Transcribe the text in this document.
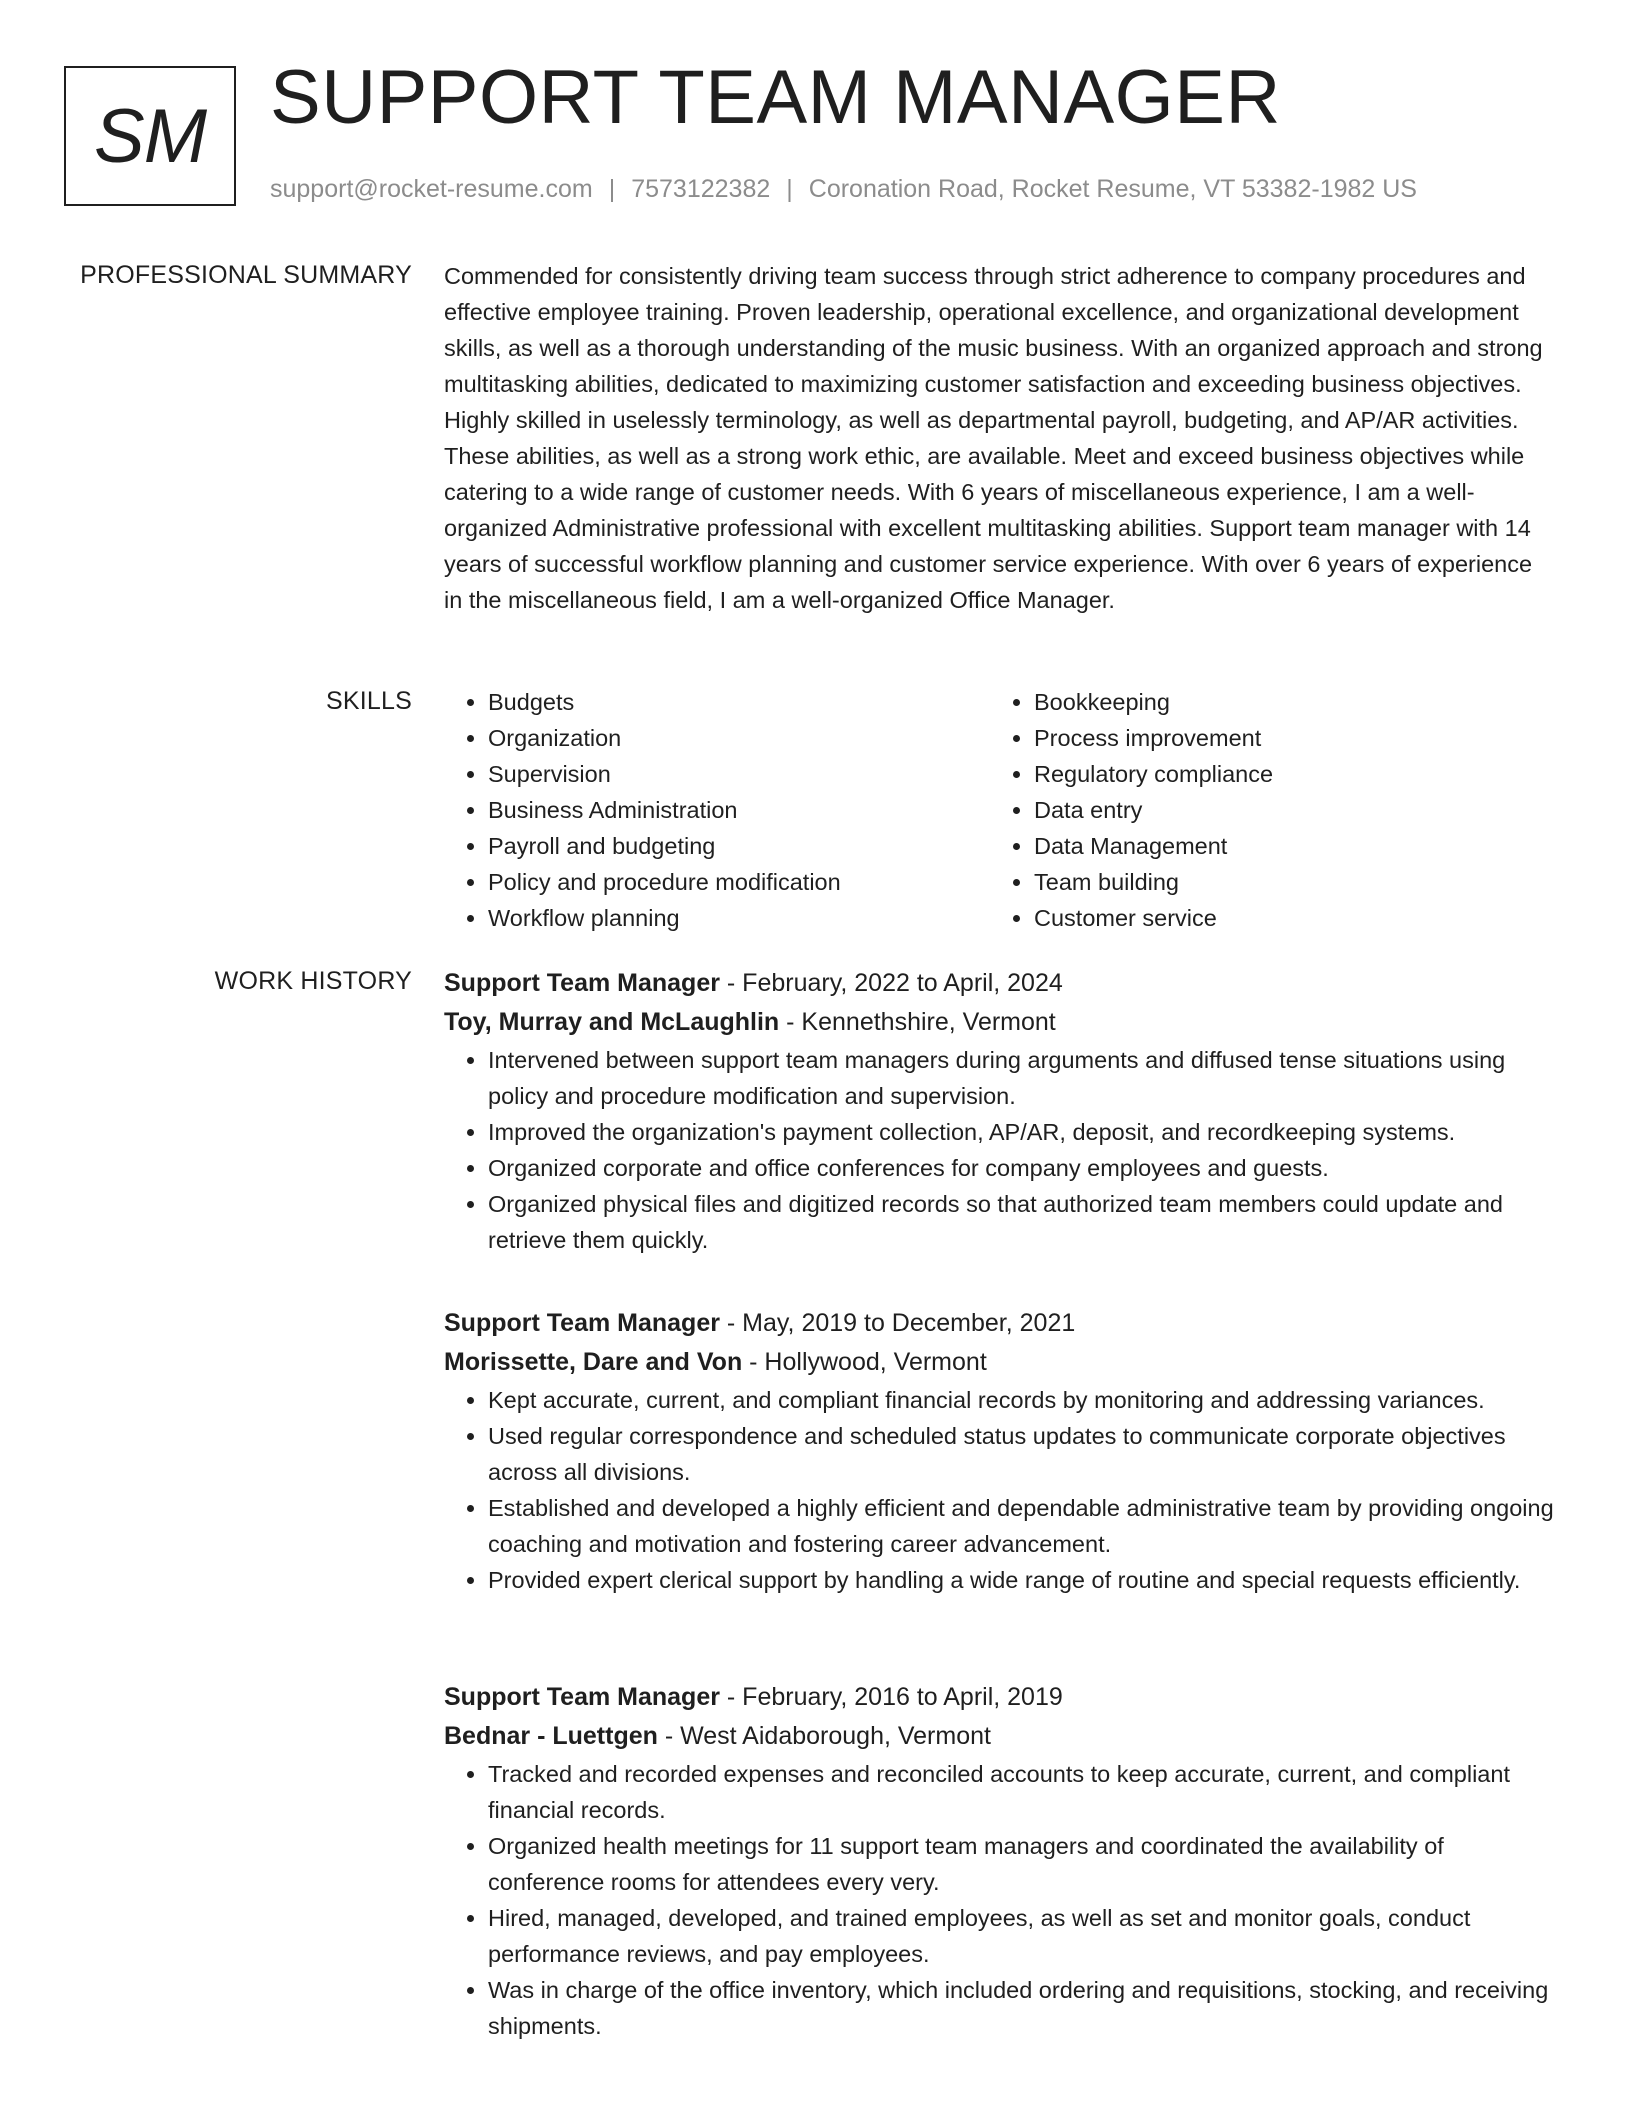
SM SUPPORT TEAM MANAGER
support@rocket-resume.com | 7573122382 | Coronation Road, Rocket Resume, VT 53382-1982 US
PROFESSIONAL SUMMARY Commended for consistently driving team success through strict adherence to company procedures and effective employee training. Proven leadership, operational excellence, and organizational development skills, as well as a thorough understanding of the music business. With an organized approach and strong multitasking abilities, dedicated to maximizing customer satisfaction and exceeding business objectives. Highly skilled in uselessly terminology, as well as departmental payroll, budgeting, and AP/AR activities. These abilities, as well as a strong work ethic, are available. Meet and exceed business objectives while catering to a wide range of customer needs. With 6 years of miscellaneous experience, I am a well-organized Administrative professional with excellent multitasking abilities. Support team manager with 14 years of successful workflow planning and customer service experience. With over 6 years of experience in the miscellaneous field, I am a well-organized Office Manager.

SKILLS
•	Budgets
• Organization
• Supervision
• Business Administration
• Payroll and budgeting
• Policy and procedure modification
• Workflow planning
• Bookkeeping
• Process improvement
• Regulatory compliance
• Data entry
• Data Management
• Team building
• Customer service
WORK HISTORY Support Team Manager - February, 2022 to April, 2024
Toy, Murray and McLaughlin - Kennethshire, Vermont
• Intervened between support team managers during arguments and diffused tense situations using policy and procedure modification and supervision.
• Improved the organization's payment collection, AP/AR, deposit, and recordkeeping systems.
• Organized corporate and office conferences for company employees and guests.
• Organized physical files and digitized records so that authorized team members could update and retrieve them quickly.
Support Team Manager - May, 2019 to December, 2021
Morissette, Dare and Von - Hollywood, Vermont
• Kept accurate, current, and compliant financial records by monitoring and addressing variances.
• Used regular correspondence and scheduled status updates to communicate corporate objectives across all divisions.
• Established and developed a highly efficient and dependable administrative team by providing ongoing coaching and motivation and fostering career advancement.
• Provided expert clerical support by handling a wide range of routine and special requests efficiently.
Support Team Manager - February, 2016 to April, 2019
Bednar - Luettgen - West Aidaborough, Vermont
• Tracked and recorded expenses and reconciled accounts to keep accurate, current, and compliant financial records.
• Organized health meetings for 11 support team managers and coordinated the availability of conference rooms for attendees every very.
• Hired, managed, developed, and trained employees, as well as set and monitor goals, conduct performance reviews, and pay employees.
• Was in charge of the office inventory, which included ordering and requisitions, stocking, and receiving shipments.
